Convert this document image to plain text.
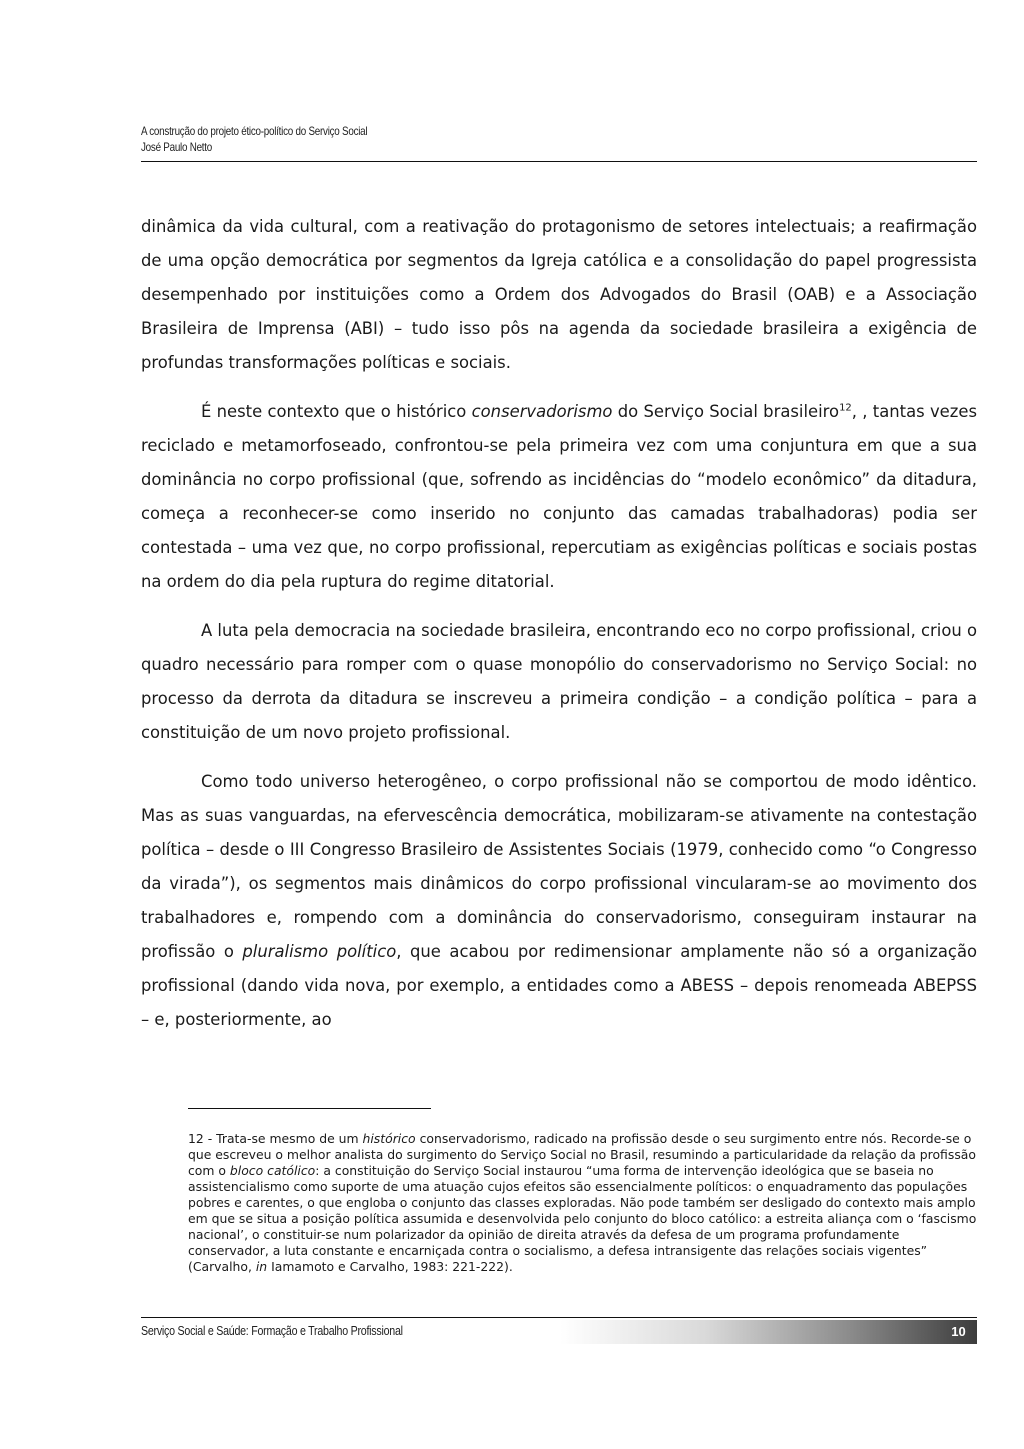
A construção do projeto ético-político do Serviço Social
José Paulo Netto

dinâmica da vida cultural, com a reativação do protagonismo de setores intelectuais; a reafirmação de uma opção democrática por segmentos da Igreja católica e a consolidação do papel progressista desempenhado por instituições como a Ordem dos Advogados do Brasil (OAB) e a Associação Brasileira de Imprensa (ABI) – tudo isso pôs na agenda da sociedade brasileira a exigência de profundas transformações políticas e sociais.

É neste contexto que o histórico conservadorismo do Serviço Social brasileiro$^{12}$, , tantas vezes reciclado e metamorfoseado, confrontou-se pela primeira vez com uma conjuntura em que a sua dominância no corpo profissional (que, sofrendo as incidências do “modelo econômico” da ditadura, começa a reconhecer-se como inserido no conjunto das camadas trabalhadoras) podia ser contestada – uma vez que, no corpo profissional, repercutiam as exigências políticas e sociais postas na ordem do dia pela ruptura do regime ditatorial.

A luta pela democracia na sociedade brasileira, encontrando eco no corpo profissional, criou o quadro necessário para romper com o quase monopólio do conservadorismo no Serviço Social: no processo da derrota da ditadura se inscreveu a primeira condição – a condição política – para a constituição de um novo projeto profissional.

Como todo universo heterogêneo, o corpo profissional não se comportou de modo idêntico. Mas as suas vanguardas, na efervescência democrática, mobilizaram-se ativamente na contestação política – desde o III Congresso Brasileiro de Assistentes Sociais (1979, conhecido como “o Congresso da virada”), os segmentos mais dinâmicos do corpo profissional vincularam-se ao movimento dos trabalhadores e, rompendo com a dominância do conservadorismo, conseguiram instaurar na profissão o pluralismo político, que acabou por redimensionar amplamente não só a organização profissional (dando vida nova, por exemplo, a entidades como a ABESS – depois renomeada ABEPSS – e, posteriormente, ao

12 - Trata-se mesmo de um histórico conservadorismo, radicado na profissão desde o seu surgimento entre nós. Recorde-se o que escreveu o melhor analista do surgimento do Serviço Social no Brasil, resumindo a particularidade da relação da profissão com o bloco católico: a constituição do Serviço Social instaurou “uma forma de intervenção ideológica que se baseia no assistencialismo como suporte de uma atuação cujos efeitos são essencialmente políticos: o enquadramento das populações pobres e carentes, o que engloba o conjunto das classes exploradas. Não pode também ser desligado do contexto mais amplo em que se situa a posição política assumida e desenvolvida pelo conjunto do bloco católico: a estreita aliança com o ‘fascismo nacional’, o constituir-se num polarizador da opinião de direita através da defesa de um programa profundamente conservador, a luta constante e encarniçada contra o socialismo, a defesa intransigente das relações sociais vigentes” (Carvalho, in Iamamoto e Carvalho, 1983: 221-222).

Serviço Social e Saúde: Formação e Trabalho Profissional	10
